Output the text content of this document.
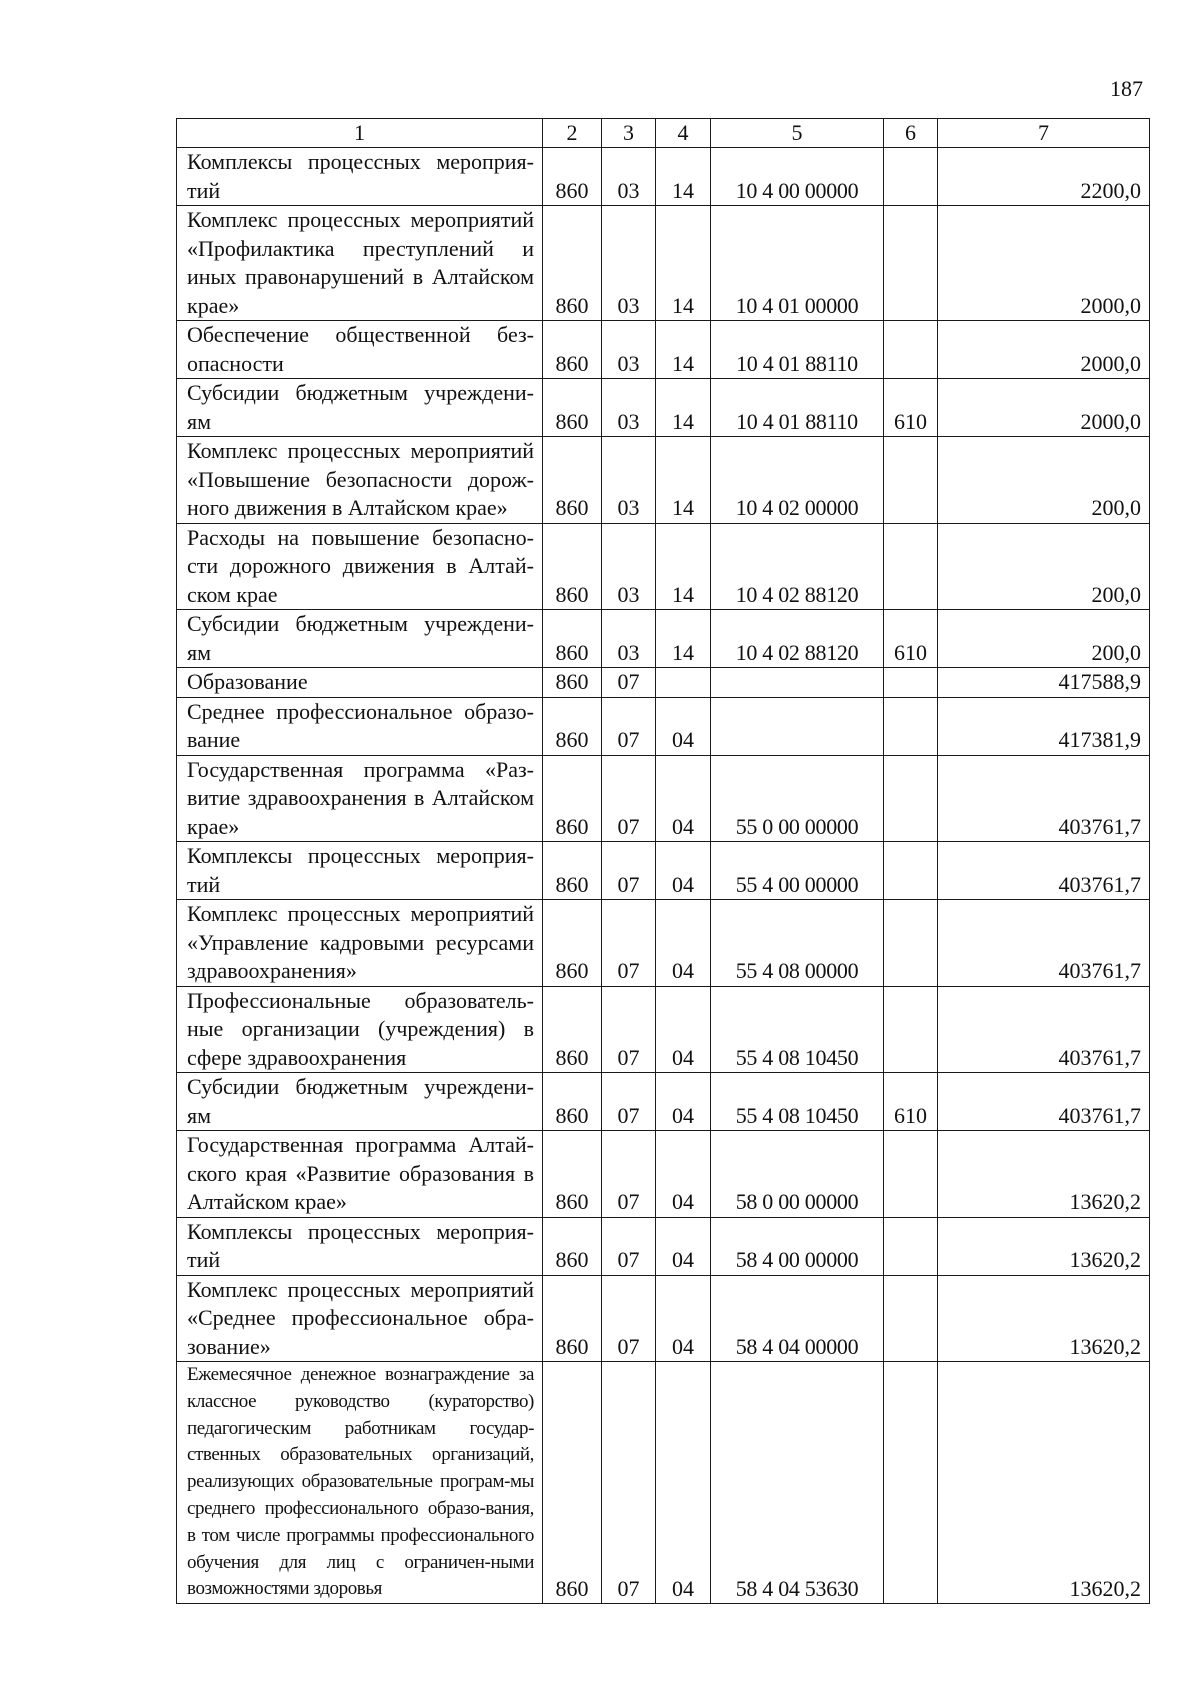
187
1	2	3	4	5	6	7
Комплексы процессных мероприя-тий	860	03	14	10 4 00 00000		2200,0
Комплекс процессных мероприятий «Профилактика преступлений и иных правонарушений в Алтайском крае»	860	03	14	10 4 01 00000		2000,0
Обеспечение общественной без-опасности	860	03	14	10 4 01 88110		2000,0
Субсидии бюджетным учреждени-ям	860	03	14	10 4 01 88110	610	2000,0
Комплекс процессных мероприятий «Повышение безопасности дорож-ного движения в Алтайском крае»	860	03	14	10 4 02 00000		200,0
Расходы на повышение безопасно-сти дорожного движения в Алтай-ском крае	860	03	14	10 4 02 88120		200,0
Субсидии бюджетным учреждени-ям	860	03	14	10 4 02 88120	610	200,0
Образование	860	07				417588,9
Среднее профессиональное образо-вание	860	07	04			417381,9
Государственная программа «Раз-витие здравоохранения в Алтайском крае»	860	07	04	55 0 00 00000		403761,7
Комплексы процессных мероприя-тий	860	07	04	55 4 00 00000		403761,7
Комплекс процессных мероприятий «Управление кадровыми ресурсами здравоохранения»	860	07	04	55 4 08 00000		403761,7
Профессиональные образователь-ные организации (учреждения) в сфере здравоохранения	860	07	04	55 4 08 10450		403761,7
Субсидии бюджетным учреждени-ям	860	07	04	55 4 08 10450	610	403761,7
Государственная программа Алтай-ского края «Развитие образования в Алтайском крае»	860	07	04	58 0 00 00000		13620,2
Комплексы процессных мероприя-тий	860	07	04	58 4 00 00000		13620,2
Комплекс процессных мероприятий «Среднее профессиональное обра-зование»	860	07	04	58 4 04 00000		13620,2
Ежемесячное денежное вознаграждение за классное руководство (кураторство) педагогическим работникам государ-ственных образовательных организаций, реализующих образовательные програм-мы среднего профессионального образо-вания, в том числе программы профессионального обучения для лиц с ограничен-ными возможностями здоровья	860	07	04	58 4 04 53630		13620,2
